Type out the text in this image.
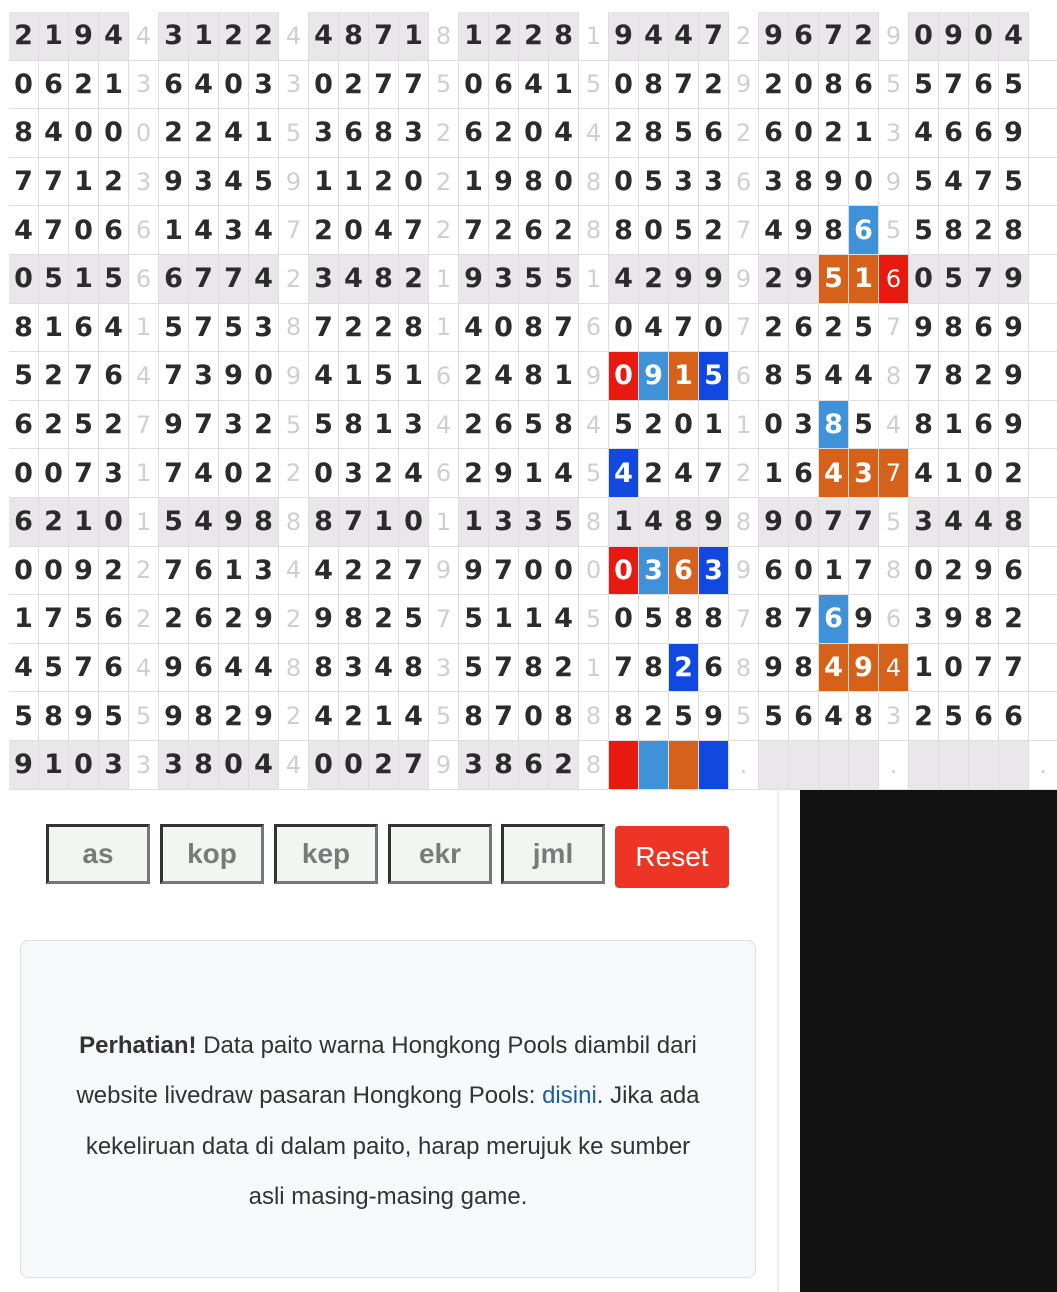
2 1 9 4 4 3 1 2 2 4 4 8 7 1 8 1 2 2 8 1 9 4 4 7 2 9 6 7 2 9 0 9 0 4
0 6 2 1 3 6 4 0 3 3 0 2 7 7 5 0 6 4 1 5 0 8 7 2 9 2 0 8 6 5 5 7 6 5
8 4 0 0 0 2 2 4 1 5 3 6 8 3 2 6 2 0 4 4 2 8 5 6 2 6 0 2 1 3 4 6 6 9
7 7 1 2 3 9 3 4 5 9 1 1 2 0 2 1 9 8 0 8 0 5 3 3 6 3 8 9 0 9 5 4 7 5
4 7 0 6 6 1 4 3 4 7 2 0 4 7 2 7 2 6 2 8 8 0 5 2 7 4 9 8 6 5 5 8 2 8
0 5 1 5 6 6 7 7 4 2 3 4 8 2 1 9 3 5 5 1 4 2 9 9 9 2 9 5 1 6 0 5 7 9
8 1 6 4 1 5 7 5 3 8 7 2 2 8 1 4 0 8 7 6 0 4 7 0 7 2 6 2 5 7 9 8 6 9
5 2 7 6 4 7 3 9 0 9 4 1 5 1 6 2 4 8 1 9 0 9 1 5 6 8 5 4 4 8 7 8 2 9
6 2 5 2 7 9 7 3 2 5 5 8 1 3 4 2 6 5 8 4 5 2 0 1 1 0 3 8 5 4 8 1 6 9
0 0 7 3 1 7 4 0 2 2 0 3 2 4 6 2 9 1 4 5 4 2 4 7 2 1 6 4 3 7 4 1 0 2
6 2 1 0 1 5 4 9 8 8 8 7 1 0 1 1 3 3 5 8 1 4 8 9 8 9 0 7 7 5 3 4 4 8
0 0 9 2 2 7 6 1 3 4 4 2 2 7 9 9 7 0 0 0 0 3 6 3 9 6 0 1 7 8 0 2 9 6
1 7 5 6 2 2 6 2 9 2 9 8 2 5 7 5 1 1 4 5 0 5 8 8 7 8 7 6 9 6 3 9 8 2
4 5 7 6 4 9 6 4 4 8 8 3 4 8 3 5 7 8 2 1 7 8 2 6 8 9 8 4 9 4 1 0 7 7
5 8 9 5 5 9 8 2 9 2 4 2 1 4 5 8 7 0 8 8 8 2 5 9 5 5 6 4 8 3 2 5 6 6
9 1 0 3 3 3 8 0 4 4 0 0 2 7 9 3 8 6 2 8	.	.	.
as	kop	kep	ekr	jml	Reset
Perhatian! Data paito warna Hongkong Pools diambil dari website livedraw pasaran Hongkong Pools: disini. Jika ada kekeliruan data di dalam paito, harap merujuk ke sumber asli masing-masing game.
